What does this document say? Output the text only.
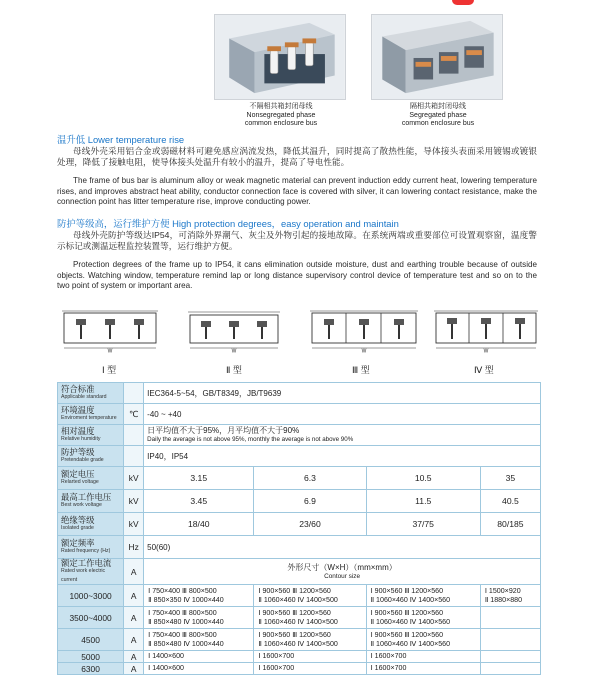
不隔相共箱封闭母线
Nonsegregated phase
common enclosure bus
隔相共箱封闭母线
Segregated phase
common enclosure bus
温升低 Lower temperature rise
母线外壳采用铝合金或弱磁材料可避免感应涡流发热，降低其温升，同时提高了散热性能，导体接头表面采用镀锡或镀银处理，降低了接触电阻，使导体接头处温升有较小的温升，提高了导电性能。
The frame of bus bar is aluminum alloy or weak magnetic material can prevent induction eddy current heat, lowering temperature rises, and improves abstract heat ability, conductor connection face is covered with silver, it can lowering contact resistance, make the connection point has litter temperature rise, improve conducting power.
防护等级高，运行维护方便 High protection degrees，easy operation and maintain
母线外壳防护等级达IP54，可消除外界潮气、灰尘及外物引起的接地故障。在系统两端或重要部位可设置观察窗，温度警示标记或测温远程监控装置等，运行维护方便。
Protection degrees of the frame up to IP54, it cans elimination outside moisture, dust and earthing trouble because of outside objects. Watching window, temperature remind lap or long distance supervisory control device of temperature test and so on to the two point of system or important area.
W	W	W	W
Ⅰ 型	Ⅱ 型	Ⅲ 型	Ⅳ 型
符合标准
Applicable standard		IEC364-5~54，GB/T8349，JB/T9639			

环境温度
Enviroment temperature	℃	-40 ~ +40			

相对温度
Relative humidity		日平均值不大于95%，月平均值不大于90%
Daily the average is not above 95%, monthly the average is not above 90%			

防护等级
Pretendable grade		IP40，IP54			

额定电压
Relarted voltage	kV	3.15	6.3	10.5	35

最高工作电压
Best work voltage	kV	3.45	6.9	11.5	40.5

绝缘等级
Isolated grade	kV	18/40	23/60	37/75	80/185

额定频率
Rated frequency (Hz)	Hz	50(60)			

额定工作电流
Rated work electric current	A	外形尺寸（W×H）（mm×mm）
Contour size			

1000~3000	A	Ⅰ 750×400 Ⅲ 800×500
Ⅱ 850×350 Ⅳ 1000×440	Ⅰ 900×560 Ⅲ 1200×560
Ⅱ 1060×460 Ⅳ 1400×500	Ⅰ 900×560 Ⅲ 1200×560
Ⅱ 1060×460 Ⅳ 1400×560	Ⅰ 1500×920
Ⅱ 1880×880

3500~4000	A	Ⅰ 750×400 Ⅲ 800×500
Ⅱ 850×480 Ⅳ 1000×440	Ⅰ 900×560 Ⅲ 1200×560
Ⅱ 1060×460 Ⅳ 1400×500	Ⅰ 900×560 Ⅲ 1200×560
Ⅱ 1060×460 Ⅳ 1400×560	

4500	A	Ⅰ 750×400 Ⅲ 800×500
Ⅱ 850×480 Ⅳ 1000×440	Ⅰ 900×560 Ⅲ 1200×560
Ⅱ 1060×460 Ⅳ 1400×500	Ⅰ 900×560 Ⅲ 1200×560
Ⅱ 1060×460 Ⅳ 1400×560	

5000	A	Ⅰ 1400×600	Ⅰ 1600×700	Ⅰ 1600×700	

6300	A	Ⅰ 1400×600	Ⅰ 1600×700	Ⅰ 1600×700	
